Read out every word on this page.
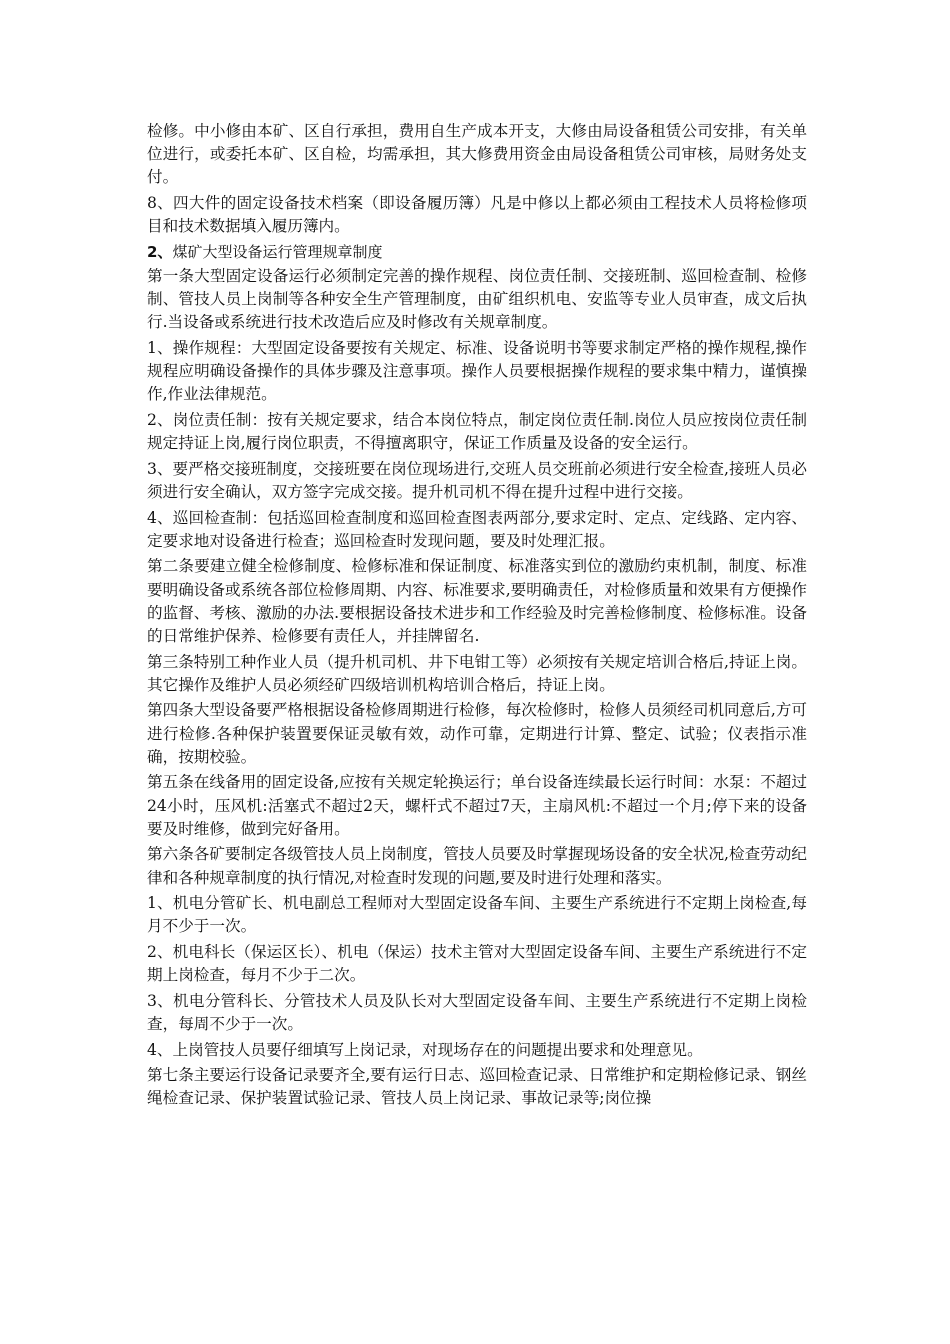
检修。中小修由本矿、区自行承担，费用自生产成本开支，大修由局设备租赁公司安排，有关单位进行，或委托本矿、区自检，均需承担，其大修费用资金由局设备租赁公司审核，局财务处支付。

8、四大件的固定设备技术档案（即设备履历簿）凡是中修以上都必须由工程技术人员将检修项目和技术数据填入履历簿内。

2、煤矿大型设备运行管理规章制度

第一条大型固定设备运行必须制定完善的操作规程、岗位责任制、交接班制、巡回检查制、检修制、管技人员上岗制等各种安全生产管理制度，由矿组织机电、安监等专业人员审查，成文后执行.当设备或系统进行技术改造后应及时修改有关规章制度。

1、操作规程：大型固定设备要按有关规定、标准、设备说明书等要求制定严格的操作规程,操作规程应明确设备操作的具体步骤及注意事项。操作人员要根据操作规程的要求集中精力，谨慎操作,作业法律规范。

2、岗位责任制：按有关规定要求，结合本岗位特点，制定岗位责任制.岗位人员应按岗位责任制规定持证上岗,履行岗位职责，不得擅离职守，保证工作质量及设备的安全运行。

3、要严格交接班制度，交接班要在岗位现场进行,交班人员交班前必须进行安全检查,接班人员必须进行安全确认，双方签字完成交接。提升机司机不得在提升过程中进行交接。

4、巡回检查制：包括巡回检查制度和巡回检查图表两部分,要求定时、定点、定线路、定内容、定要求地对设备进行检查；巡回检查时发现问题，要及时处理汇报。

第二条要建立健全检修制度、检修标准和保证制度、标准落实到位的激励约束机制，制度、标准要明确设备或系统各部位检修周期、内容、标准要求,要明确责任，对检修质量和效果有方便操作的监督、考核、激励的办法.要根据设备技术进步和工作经验及时完善检修制度、检修标准。设备的日常维护保养、检修要有责任人，并挂牌留名.

第三条特别工种作业人员（提升机司机、井下电钳工等）必须按有关规定培训合格后,持证上岗。其它操作及维护人员必须经矿四级培训机构培训合格后，持证上岗。

第四条大型设备要严格根据设备检修周期进行检修，每次检修时，检修人员须经司机同意后,方可进行检修.各种保护装置要保证灵敏有效，动作可靠，定期进行计算、整定、试验；仪表指示准确，按期校验。

第五条在线备用的固定设备,应按有关规定轮换运行；单台设备连续最长运行时间：水泵：不超过24小时，压风机:活塞式不超过2天，螺杆式不超过7天，主扇风机:不超过一个月;停下来的设备要及时维修，做到完好备用。

第六条各矿要制定各级管技人员上岗制度，管技人员要及时掌握现场设备的安全状况,检查劳动纪律和各种规章制度的执行情况,对检查时发现的问题,要及时进行处理和落实。

1、机电分管矿长、机电副总工程师对大型固定设备车间、主要生产系统进行不定期上岗检查,每月不少于一次。

2、机电科长（保运区长）、机电（保运）技术主管对大型固定设备车间、主要生产系统进行不定期上岗检查，每月不少于二次。

3、机电分管科长、分管技术人员及队长对大型固定设备车间、主要生产系统进行不定期上岗检查，每周不少于一次。

4、上岗管技人员要仔细填写上岗记录，对现场存在的问题提出要求和处理意见。

第七条主要运行设备记录要齐全,要有运行日志、巡回检查记录、日常维护和定期检修记录、钢丝绳检查记录、保护装置试验记录、管技人员上岗记录、事故记录等;岗位操
